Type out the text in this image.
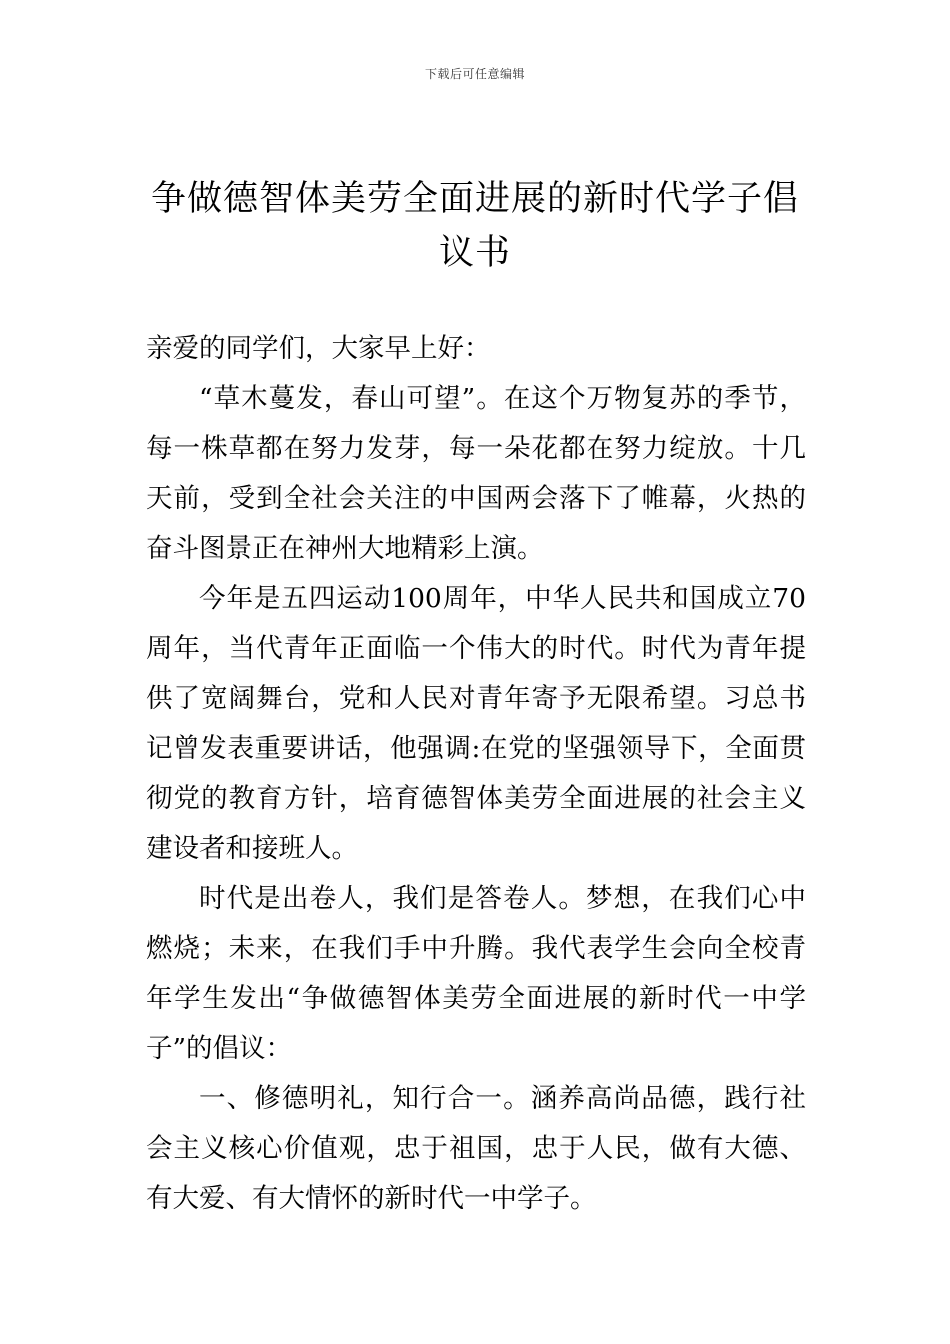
下载后可任意编辑
争做德智体美劳全面进展的新时代学子倡议书

亲爱的同学们，大家早上好：

“草木蔓发，春山可望”。在这个万物复苏的季节，每一株草都在努力发芽，每一朵花都在努力绽放。十几天前，受到全社会关注的中国两会落下了帷幕，火热的奋斗图景正在神州大地精彩上演。

今年是五四运动100周年，中华人民共和国成立70周年，当代青年正面临一个伟大的时代。时代为青年提供了宽阔舞台，党和人民对青年寄予无限希望。习总书记曾发表重要讲话，他强调:在党的坚强领导下，全面贯彻党的教育方针，培育德智体美劳全面进展的社会主义建设者和接班人。

时代是出卷人，我们是答卷人。梦想，在我们心中燃烧；未来，在我们手中升腾。我代表学生会向全校青年学生发出“争做德智体美劳全面进展的新时代一中学子”的倡议：

一、修德明礼，知行合一。涵养高尚品德，践行社会主义核心价值观，忠于祖国，忠于人民，做有大德、有大爱、有大情怀的新时代一中学子。
